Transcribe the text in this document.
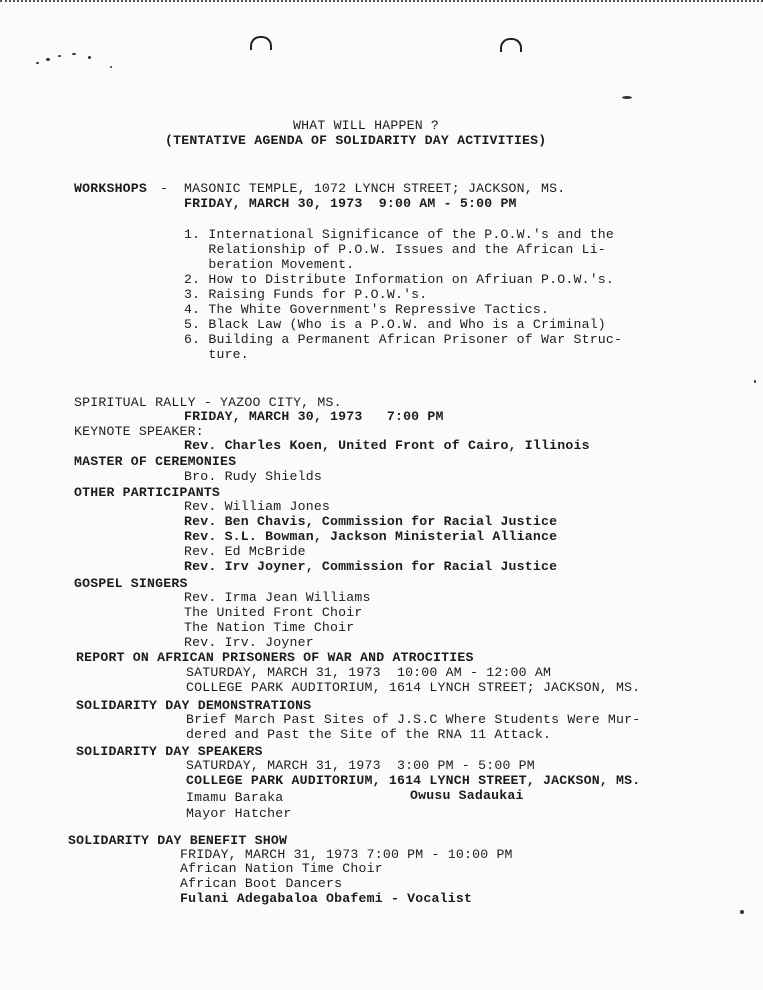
WHAT WILL HAPPEN ?
(TENTATIVE AGENDA OF SOLIDARITY DAY ACTIVITIES)
WORKSHOPS - MASONIC TEMPLE, 1072 LYNCH STREET; JACKSON, MS.
FRIDAY, MARCH 30, 1973  9:00 AM - 5:00 PM
1. International Significance of the P.O.W.'s and the
Relationship of P.O.W. Issues and the African Li-
beration Movement.
2. How to Distribute Information on Afriuan P.O.W.'s.
3. Raising Funds for P.O.W.'s.
4. The White Government's Repressive Tactics.
5. Black Law (Who is a P.O.W. and Who is a Criminal)
6. Building a Permanent African Prisoner of War Struc-
ture.
SPIRITUAL RALLY - YAZOO CITY, MS.
FRIDAY, MARCH 30, 1973   7:00 PM
KEYNOTE SPEAKER:
Rev. Charles Koen, United Front of Cairo, Illinois
MASTER OF CEREMONIES
Bro. Rudy Shields
OTHER PARTICIPANTS
Rev. William Jones
Rev. Ben Chavis, Commission for Racial Justice
Rev. S.L. Bowman, Jackson Ministerial Alliance
Rev. Ed McBride
Rev. Irv Joyner, Commission for Racial Justice
GOSPEL SINGERS
Rev. Irma Jean Williams
The United Front Choir
The Nation Time Choir
Rev. Irv. Joyner
REPORT ON AFRICAN PRISONERS OF WAR AND ATROCITIES
SATURDAY, MARCH 31, 1973  10:00 AM - 12:00 AM
COLLEGE PARK AUDITORIUM, 1614 LYNCH STREET; JACKSON, MS.
SOLIDARITY DAY DEMONSTRATIONS
Brief March Past Sites of J.S.C Where Students Were Mur-
dered and Past the Site of the RNA 11 Attack.
SOLIDARITY DAY SPEAKERS
SATURDAY, MARCH 31, 1973  3:00 PM - 5:00 PM
COLLEGE PARK AUDITORIUM, 1614 LYNCH STREET, JACKSON, MS.
Imamu Baraka	Owusu Sadaukai
Mayor Hatcher
SOLIDARITY DAY BENEFIT SHOW
FRIDAY, MARCH 31, 1973 7:00 PM - 10:00 PM
African Nation Time Choir
African Boot Dancers
Fulani Adegabaloa Obafemi - Vocalist
